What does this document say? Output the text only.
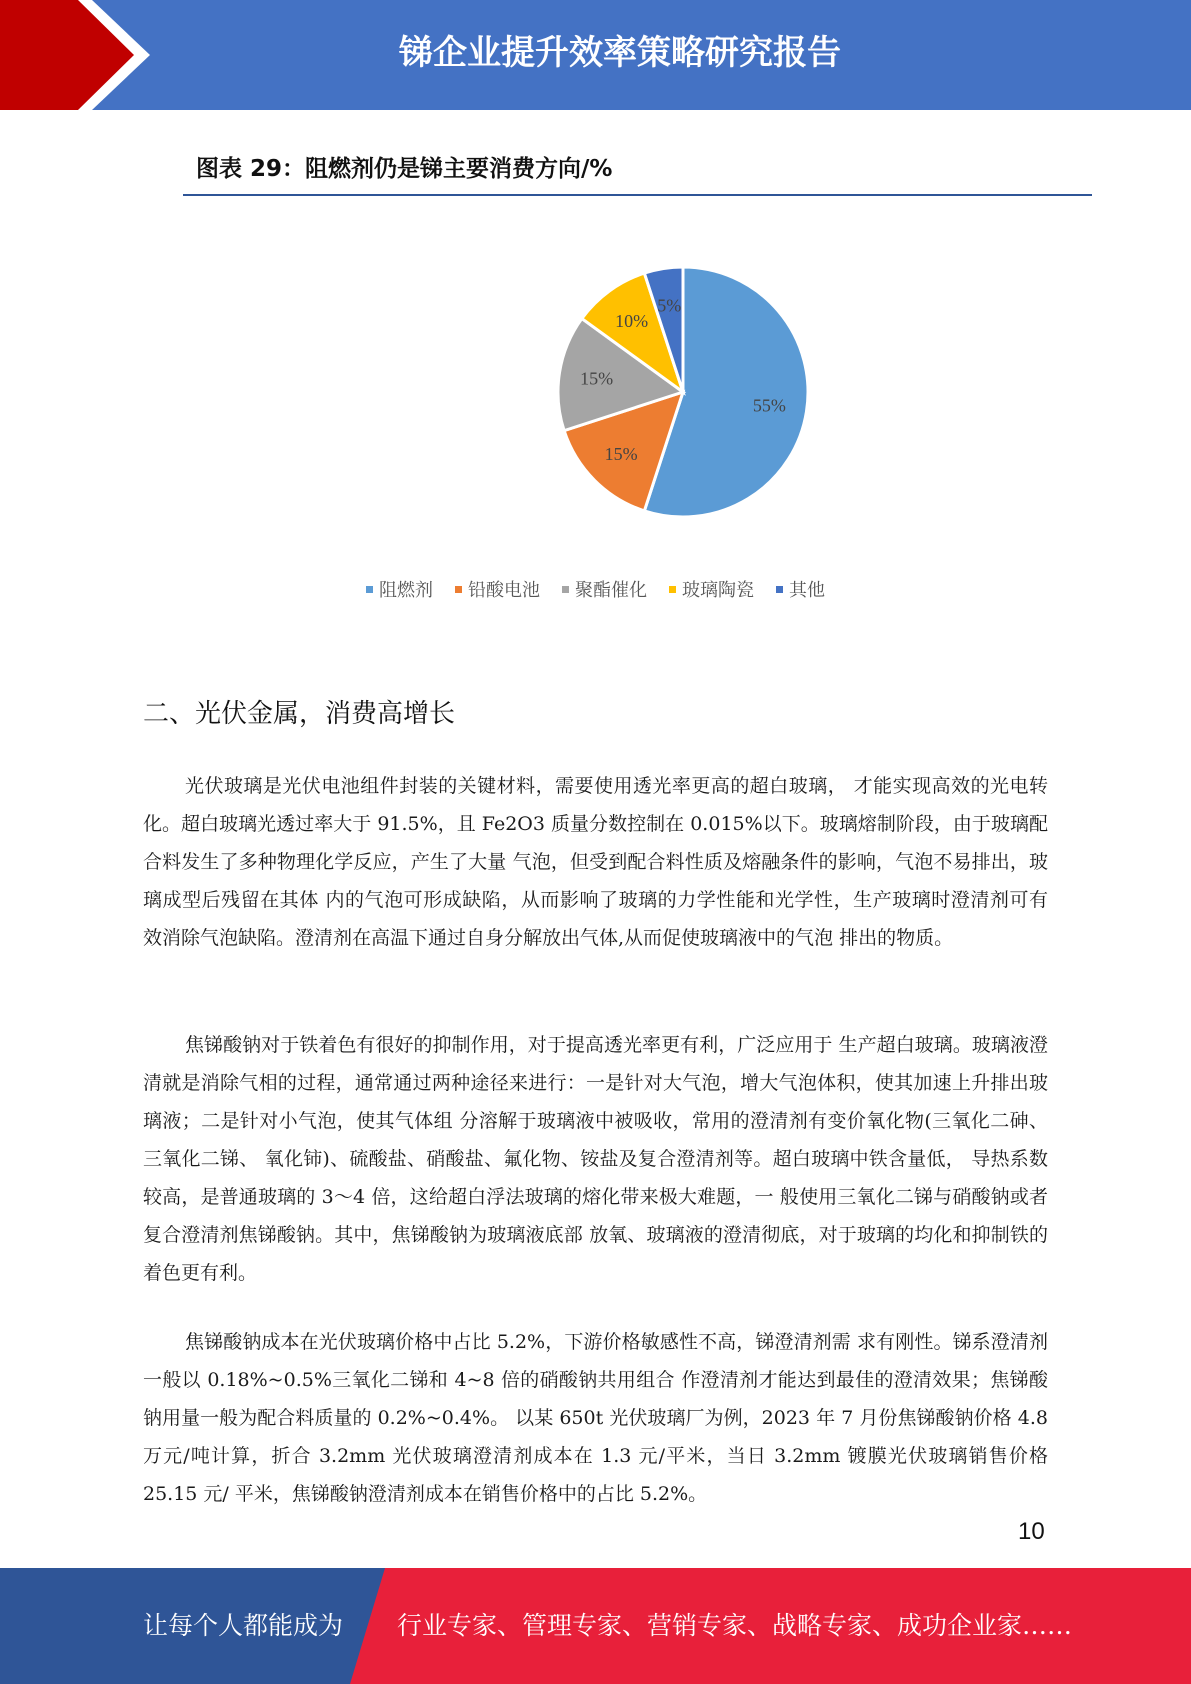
锑企业提升效率策略研究报告
图表 29：阻燃剂仍是锑主要消费方向/%
55%
15%
15%
10%
5%
阻燃剂 铅酸电池 聚酯催化 玻璃陶瓷 其他
二、光伏金属，消费高增长

光伏玻璃是光伏电池组件封装的关键材料，需要使用透光率更高的超白玻璃， 才能实现高效的光电转化。超白玻璃光透过率大于 91.5%，且 Fe2O3 质量分数控制在 0.015%以下。玻璃熔制阶段，由于玻璃配合料发生了多种物理化学反应，产生了大量 气泡，但受到配合料性质及熔融条件的影响，气泡不易排出，玻璃成型后残留在其体 内的气泡可形成缺陷，从而影响了玻璃的力学性能和光学性，生产玻璃时澄清剂可有 效消除气泡缺陷。澄清剂在高温下通过自身分解放出气体,从而促使玻璃液中的气泡 排出的物质。

焦锑酸钠对于铁着色有很好的抑制作用，对于提高透光率更有利，广泛应用于 生产超白玻璃。玻璃液澄清就是消除气相的过程，通常通过两种途径来进行：一是针对大气泡，增大气泡体积，使其加速上升排出玻璃液；二是针对小气泡，使其气体组 分溶解于玻璃液中被吸收，常用的澄清剂有变价氧化物(三氧化二砷、三氧化二锑、 氧化铈)、硫酸盐、硝酸盐、氟化物、铵盐及复合澄清剂等。超白玻璃中铁含量低， 导热系数较高，是普通玻璃的 3～4 倍，这给超白浮法玻璃的熔化带来极大难题，一 般使用三氧化二锑与硝酸钠或者复合澄清剂焦锑酸钠。其中，焦锑酸钠为玻璃液底部 放氧、玻璃液的澄清彻底，对于玻璃的均化和抑制铁的着色更有利。

焦锑酸钠成本在光伏玻璃价格中占比 5.2%，下游价格敏感性不高，锑澄清剂需 求有刚性。锑系澄清剂一般以 0.18%~0.5%三氧化二锑和 4~8 倍的硝酸钠共用组合 作澄清剂才能达到最佳的澄清效果；焦锑酸钠用量一般为配合料质量的 0.2%~0.4%。 以某 650t 光伏玻璃厂为例，2023 年 7 月份焦锑酸钠价格 4.8 万元/吨计算，折合 3.2mm 光伏玻璃澄清剂成本在 1.3 元/平米，当日 3.2mm 镀膜光伏玻璃销售价格 25.15 元/ 平米，焦锑酸钠澄清剂成本在销售价格中的占比 5.2%。

10
让每个人都能成为 行业专家、管理专家、营销专家、战略专家、成功企业家……
